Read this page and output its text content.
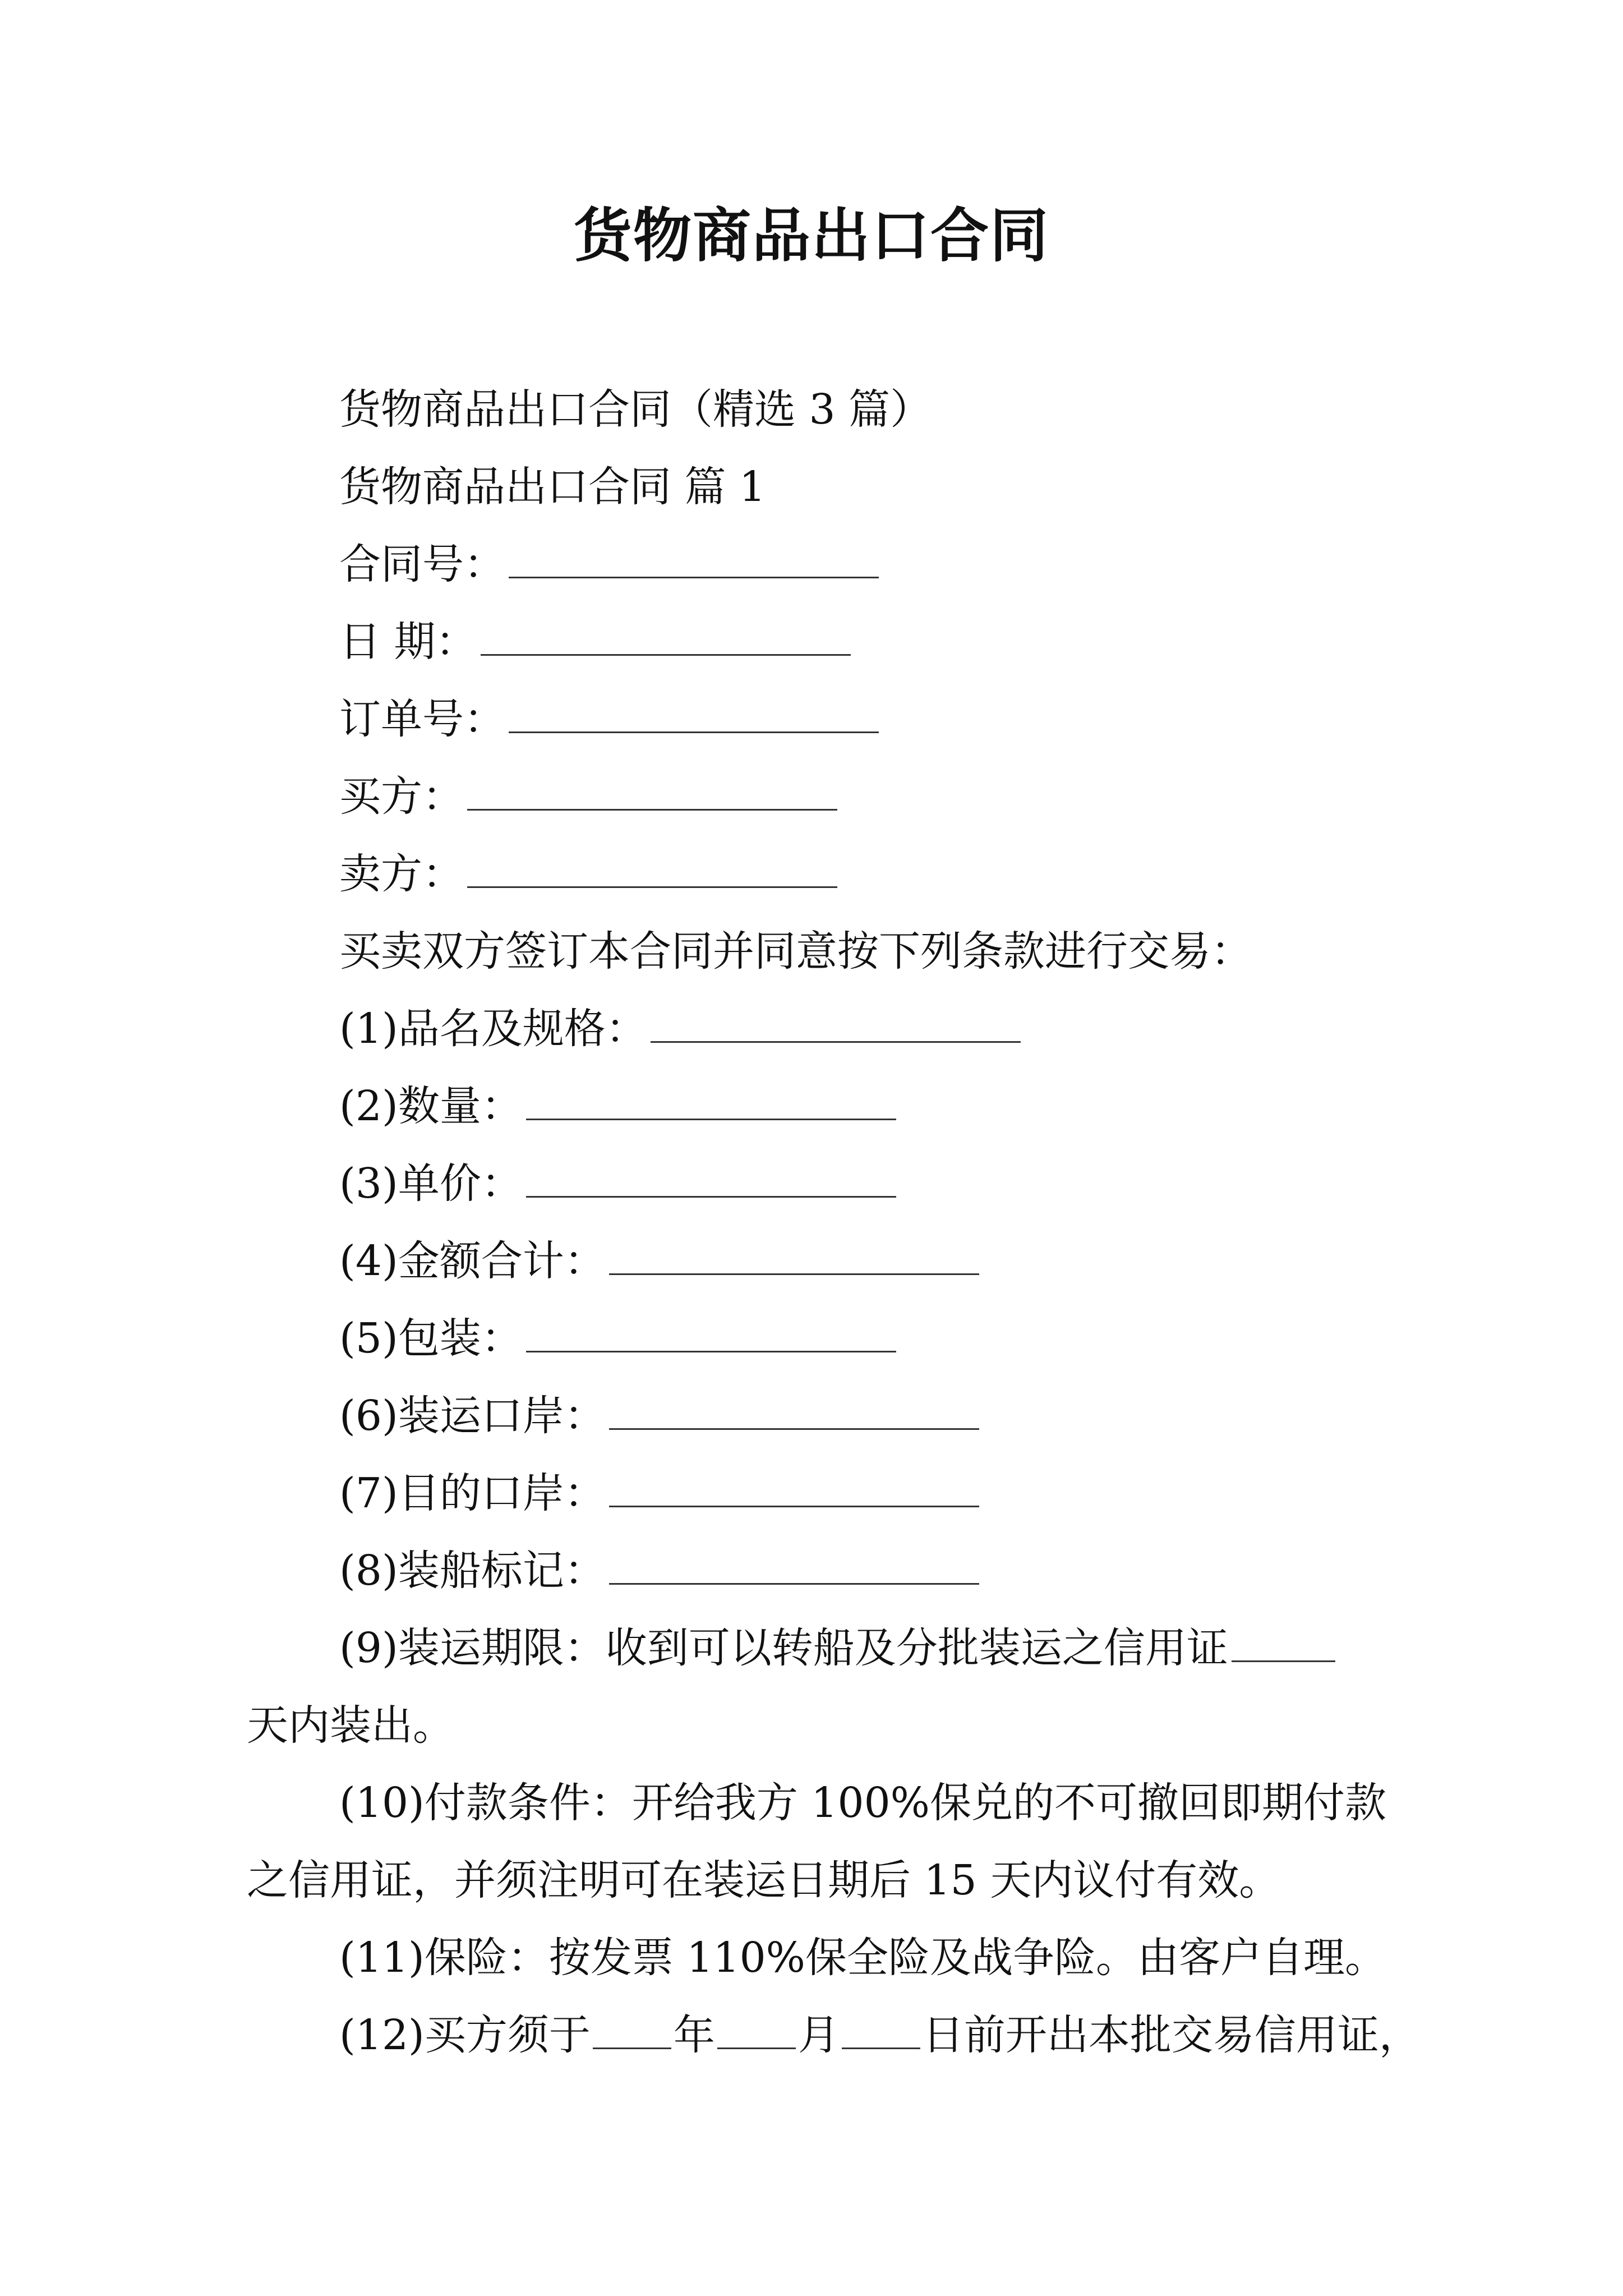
货物商品出口合同
货物商品出口合同（精选 3 篇）
货物商品出口合同 篇 1
合同号：
日 期：
订单号：
买方：
卖方：
买卖双方签订本合同并同意按下列条款进行交易：
(1)品名及规格：
(2)数量：
(3)单价：
(4)金额合计：
(5)包装：
(6)装运口岸：
(7)目的口岸：
(8)装船标记：
(9)装运期限：收到可以转船及分批装运之信用证
天内装出。
(10)付款条件：开给我方 100%保兑的不可撤回即期付款
之信用证，并须注明可在装运日期后 15 天内议付有效。
(11)保险：按发票 110%保全险及战争险。由客户自理。
(12)买方须于 年 月 日前开出本批交易信用证，
